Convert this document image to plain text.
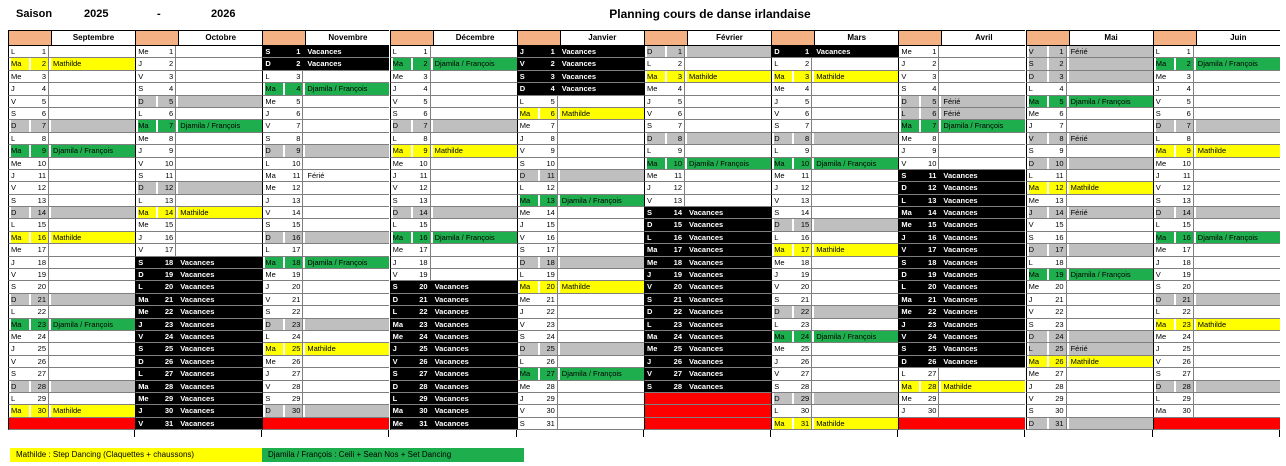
Saison	2025	-	2026	Planning cours de danse irlandaise
Septembre
L	1
Ma	2 Mathilde
Me	3
J	4
V	5
S	6
D	7
L	8
Ma	9 Djamila / François
Me	10
J	11
V	12
S	13
D	14
L	15
Ma	16 Mathilde
Me	17
J	18
V	19
S	20
D	21
L	22
Ma	23 Djamila / François
Me	24
J	25
V	26
S	27
D	28
L	29
Ma	30 Mathilde
Octobre
Me	1
J	2
V	3
S	4
D	5
L	6
Ma	7 Djamila / François
Me	8
J	9
V	10
S	11
D	12
L	13
Ma	14 Mathilde
Me	15
J	16
V	17
S	18 Vacances
D	19 Vacances
L	20 Vacances
Ma	21 Vacances
Me	22 Vacances
J	23 Vacances
V	24 Vacances
S	25 Vacances
D	26 Vacances
L	27 Vacances
Ma	28 Vacances
Me	29 Vacances
J	30 Vacances
V	31 Vacances
Novembre
S	1 Vacances
D	2 Vacances
L	3
Ma	4 Djamila / François
Me	5
J	6
V	7
S	8
D	9
L	10
Ma	11 Férié
Me	12
J	13
V	14
S	15
D	16
L	17
Ma	18 Djamila / François
Me	19
J	20
V	21
S	22
D	23
L	24
Ma	25 Mathilde
Me	26
J	27
V	28
S	29
D	30
Décembre
L	1
Ma	2 Djamila / François
Me	3
J	4
V	5
S	6
D	7
L	8
Ma	9 Mathilde
Me	10
J	11
V	12
S	13
D	14
L	15
Ma	16 Djamila / François
Me	17
J	18
V	19
S	20 Vacances
D	21 Vacances
L	22 Vacances
Ma	23 Vacances
Me	24 Vacances
J	25 Vacances
V	26 Vacances
S	27 Vacances
D	28 Vacances
L	29 Vacances
Ma	30 Vacances
Me	31 Vacances
Janvier
J	1 Vacances
V	2 Vacances
S	3 Vacances
D	4 Vacances
L	5
Ma	6 Mathilde
Me	7
J	8
V	9
S	10
D	11
L	12
Ma	13 Djamila / François
Me	14
J	15
V	16
S	17
D	18
L	19
Ma	20 Mathilde
Me	21
J	22
V	23
S	24
D	25
L	26
Ma	27 Djamila / François
Me	28
J	29
V	30
S	31
Février
D	1
L	2
Ma	3 Mathilde
Me	4
J	5
V	6
S	7
D	8
L	9
Ma	10 Djamila / François
Me	11
J	12
V	13
S	14 Vacances
D	15 Vacances
L	16 Vacances
Ma	17 Vacances
Me	18 Vacances
J	19 Vacances
V	20 Vacances
S	21 Vacances
D	22 Vacances
L	23 Vacances
Ma	24 Vacances
Me	25 Vacances
J	26 Vacances
V	27 Vacances
S	28 Vacances
Mars
D	1 Vacances
L	2
Ma	3 Mathilde
Me	4
J	5
V	6
S	7
D	8
L	9
Ma	10 Djamila / François
Me	11
J	12
V	13
S	14
D	15
L	16
Ma	17 Mathilde
Me	18
J	19
V	20
S	21
D	22
L	23
Ma	24 Djamila / François
Me	25
J	26
V	27
S	28
D	29
L	30
Ma	31 Mathilde
Avril
Me	1
J	2
V	3
S	4
D	5 Férié
L	6 Férié
Ma	7 Djamila / François
Me	8
J	9
V	10
S	11 Vacances
D	12 Vacances
L	13 Vacances
Ma	14 Vacances
Me	15 Vacances
J	16 Vacances
V	17 Vacances
S	18 Vacances
D	19 Vacances
L	20 Vacances
Ma	21 Vacances
Me	22 Vacances
J	23 Vacances
V	24 Vacances
S	25 Vacances
D	26 Vacances
L	27
Ma	28 Mathilde
Me	29
J	30
Mai
V	1 Férié
S	2
D	3
L	4
Ma	5 Djamila / François
Me	6
J	7
V	8 Férié
S	9
D	10
L	11
Ma	12 Mathilde
Me	13
J	14 Férié
V	15
S	16
D	17
L	18
Ma	19 Djamila / François
Me	20
J	21
V	22
S	23
D	24
L	25 Férié
Ma	26 Mathilde
Me	27
J	28
V	29
S	30
D	31
Juin
L	1
Ma	2 Djamila / François
Me	3
J	4
V	5
S	6
D	7
L	8
Ma	9 Mathilde
Me	10
J	11
V	12
S	13
D	14
L	15
Ma	16 Djamila / François
Me	17
J	18
V	19
S	20
D	21
L	22
Ma	23 Mathilde
Me	24
J	25
V	26
S	27
D	28
L	29
Ma	30
Mathilde : Step Dancing (Claquettes + chaussons)	Djamila / François : Ceili + Sean Nos + Set Dancing
